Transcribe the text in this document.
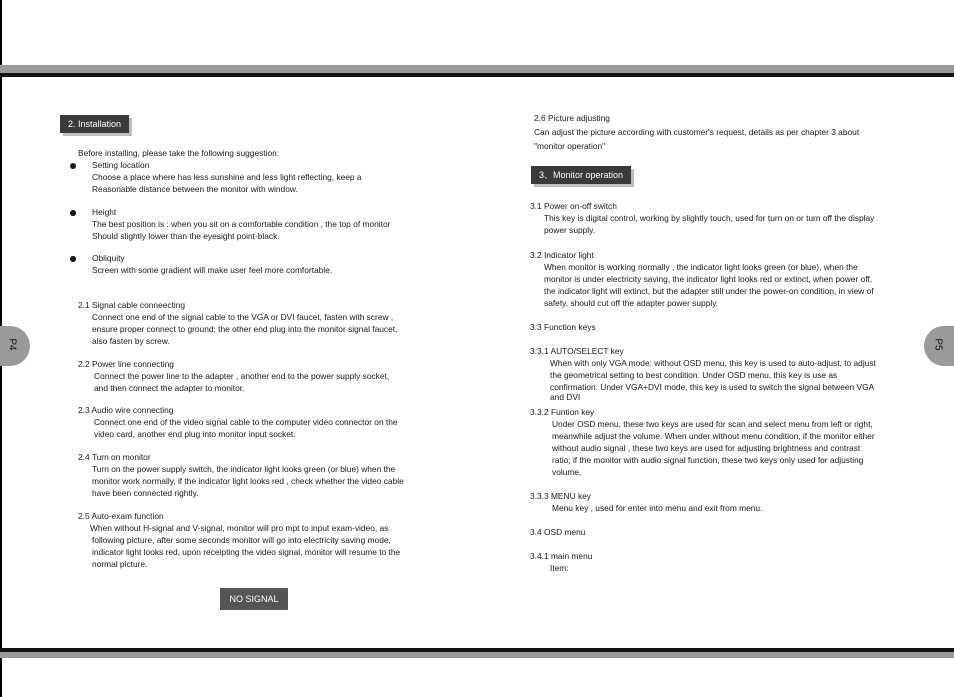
P4	P5
2. Installation
Before installing, please take the following suggestion:
Setting location
Choose a place where has less sunshine and less light reflecting, keep a
Reasonable distance between the monitor with window.
Height
The best position is : when you sit on a comfortable condition , the top of monitor
Should slightly lower than the eyesight point-black.
Obliquity
Screen with some gradient will make user feel more comfortable.
2.1 Signal cable conneecting
Connect one end of the signal cable to the VGA or DVI faucet, fasten with screw ,
ensure proper connect to ground; the other end plug into the monitor signal faucet,
also fasten by screw.
2.2 Power line connecting
Connect the power line to the adapter , another end to the power supply socket,
and then connect the adapter to monitor.
2.3 Audio wire connecting
Connect one end of the video signal cable to the computer video connector on the
video card, another end plug into monitor input socket.
2.4 Turn on monitor
Turn on the power supply switch, the indicator light looks green (or blue) when the
monitor work normally, if the indicator light looks red , check whether the video cable
have been connected rightly.
2.5 Auto-exam function
When without H-signal and V-signal, monitor will pro mpt to input exam-video, as
following picture, after some seconds monitor will go into electricity saving mode,
indicator light looks red, upon receipting the video signal, monitor will resume to the
normal picture.
NO SIGNAL
2.6 Picture adjusting
Can adjust the picture according with customer's request, details as per chapter 3 about
"monitor operation"
3、Monitor operation
3.1 Power on-off switch
This key is digital control, working by slightly touch, used for turn on or turn off the display
power supply.
3.2 Indicator light
When monitor is working normally , the indicator light looks green (or blue), when the
monitor is under electricity saving, the indicator light looks red or extinct, when power off,
the indicator light will extinct, but the adapter still under the power-on condition, in view of
safety, should cut off the adapter power supply.
3.3 Function keys
3.3.1 AUTO/SELECT key
When with only VGA mode: without OSD menu, this key is used to auto-adjust, to adjust
the geometrical setting to best condition. Under OSD menu, this key is use as
confirmation. Under VGA+DVI mode, this key is used to switch the signal between VGA
and DVI
3.3.2 Funtion key
Under OSD menu, these two keys are used for scan and select menu from left or right,
meanwhile adjust the volume. When under without menu condition, if the monitor either
without audio signal , these two keys are used for adjusting brightness and contrast
ratio; if the monitor with audio signal function, these two keys only used for adjusting
volume.
3.3.3 MENU key
Menu key , used for enter into menu and exit from menu.
3.4 OSD menu
3.4.1 main menu
Item:
